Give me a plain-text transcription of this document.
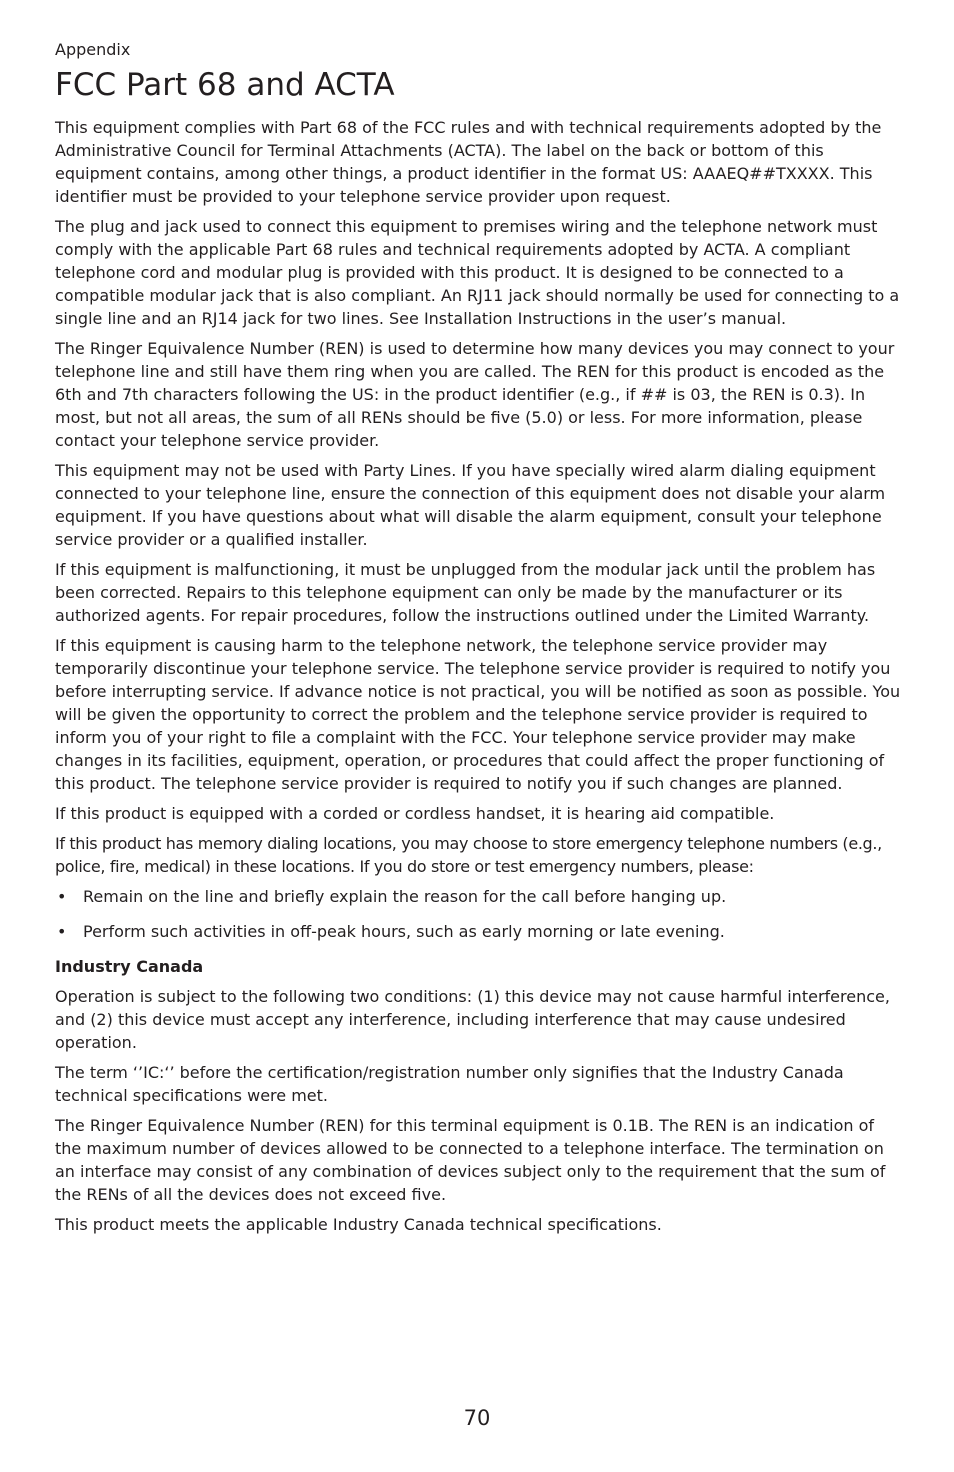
Appendix

FCC Part 68 and ACTA

This equipment complies with Part 68 of the FCC rules and with technical requirements adopted by the Administrative Council for Terminal Attachments (ACTA). The label on the back or bottom of this equipment contains, among other things, a product identifier in the format US: AAAEQ##TXXXX. This identifier must be provided to your telephone service provider upon request.

The plug and jack used to connect this equipment to premises wiring and the telephone network must comply with the applicable Part 68 rules and technical requirements adopted by ACTA. A compliant telephone cord and modular plug is provided with this product. It is designed to be connected to a compatible modular jack that is also compliant. An RJ11 jack should normally be used for connecting to a single line and an RJ14 jack for two lines. See Installation Instructions in the user’s manual.

The Ringer Equivalence Number (REN) is used to determine how many devices you may connect to your telephone line and still have them ring when you are called. The REN for this product is encoded as the 6th and 7th characters following the US: in the product identifier (e.g., if ## is 03, the REN is 0.3). In most, but not all areas, the sum of all RENs should be five (5.0) or less. For more information, please contact your telephone service provider.

This equipment may not be used with Party Lines. If you have specially wired alarm dialing equipment connected to your telephone line, ensure the connection of this equipment does not disable your alarm equipment. If you have questions about what will disable the alarm equipment, consult your telephone service provider or a qualified installer.

If this equipment is malfunctioning, it must be unplugged from the modular jack until the problem has been corrected. Repairs to this telephone equipment can only be made by the manufacturer or its authorized agents. For repair procedures, follow the instructions outlined under the Limited Warranty.

If this equipment is causing harm to the telephone network, the telephone service provider may temporarily discontinue your telephone service. The telephone service provider is required to notify you before interrupting service. If advance notice is not practical, you will be notified as soon as possible. You will be given the opportunity to correct the problem and the telephone service provider is required to inform you of your right to file a complaint with the FCC. Your telephone service provider may make changes in its facilities, equipment, operation, or procedures that could affect the proper functioning of this product. The telephone service provider is required to notify you if such changes are planned.

If this product is equipped with a corded or cordless handset, it is hearing aid compatible.

If this product has memory dialing locations, you may choose to store emergency telephone numbers (e.g., police, fire, medical) in these locations. If you do store or test emergency numbers, please:

• Remain on the line and briefly explain the reason for the call before hanging up.
• Perform such activities in off-peak hours, such as early morning or late evening.

Industry Canada

Operation is subject to the following two conditions: (1) this device may not cause harmful interference, and (2) this device must accept any interference, including interference that may cause undesired operation.

The term ‘’IC:‘’ before the certification/registration number only signifies that the Industry Canada technical specifications were met.

The Ringer Equivalence Number (REN) for this terminal equipment is 0.1B. The REN is an indication of the maximum number of devices allowed to be connected to a telephone interface. The termination on an interface may consist of any combination of devices subject only to the requirement that the sum of the RENs of all the devices does not exceed five.

This product meets the applicable Industry Canada technical specifications.

70
